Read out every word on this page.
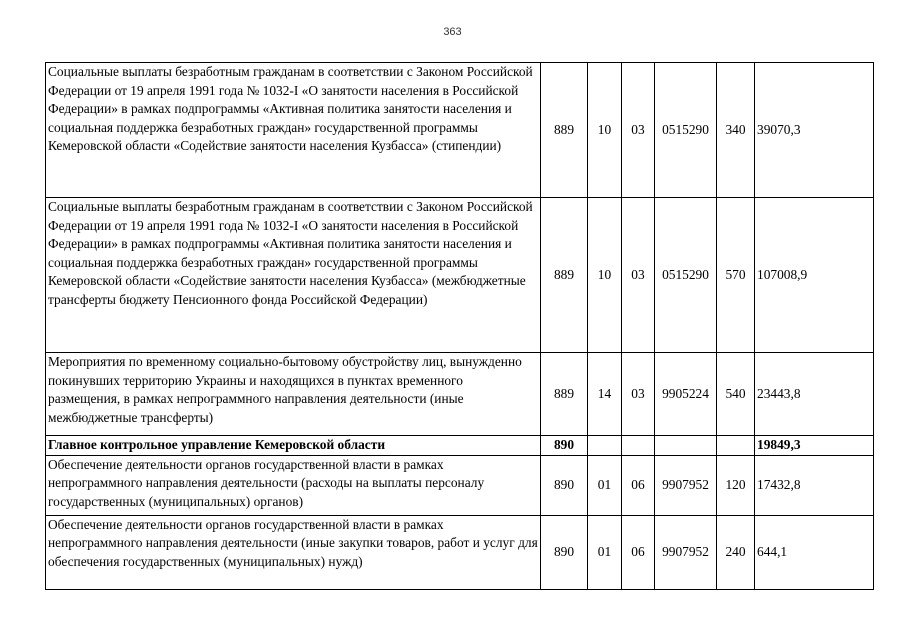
363
Социальные выплаты безработным гражданам в соответствии с Законом Российской Федерации от 19 апреля 1991 года № 1032-I «О занятости населения в Российской Федерации» в рамках подпрограммы «Активная политика занятости населения и социальная поддержка безработных граждан» государственной программы Кемеровской области «Содействие занятости населения Кузбасса» (стипендии)	889	10	03	0515290	340	39070,3
Социальные выплаты безработным гражданам в соответствии с Законом Российской Федерации от 19 апреля 1991 года № 1032-I «О занятости населения в Российской Федерации» в рамках подпрограммы «Активная политика занятости населения и социальная поддержка безработных граждан» государственной программы Кемеровской области «Содействие занятости населения Кузбасса» (межбюджетные трансферты бюджету Пенсионного фонда Российской Федерации)	889	10	03	0515290	570	107008,9
Мероприятия по временному социально-бытовому обустройству лиц, вынужденно покинувших территорию Украины и находящихся в пунктах временного размещения, в рамках непрограммного направления деятельности (иные межбюджетные трансферты)	889	14	03	9905224	540	23443,8
Главное контрольное управление Кемеровской области	890					19849,3
Обеспечение деятельности органов государственной власти в рамках непрограммного направления деятельности (расходы на выплаты персоналу государственных (муниципальных) органов)	890	01	06	9907952	120	17432,8
Обеспечение деятельности органов государственной власти в рамках непрограммного направления деятельности (иные закупки товаров, работ и услуг для обеспечения государственных (муниципальных) нужд)	890	01	06	9907952	240	644,1
